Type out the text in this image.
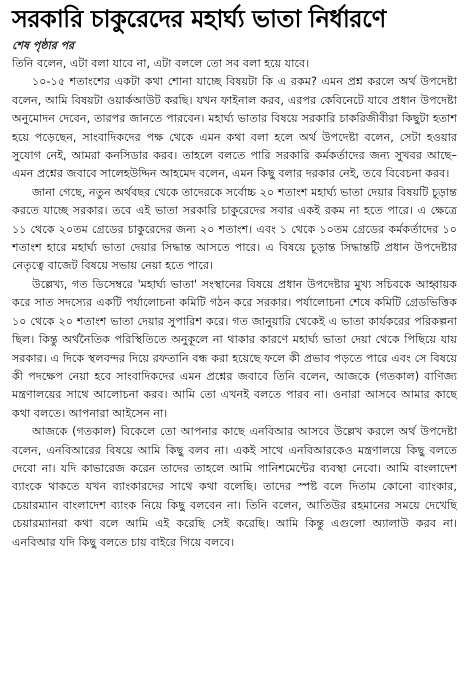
সরকারি চাকুরেদের মহার্ঘ্য ভাতা নির্ধারণে
শেষ পৃষ্ঠার পর

তিনি বলেন, এটা বলা যাবে না, এটা বললে তো সব বলা হয়ে যাবে।

১০-১৫ শতাংশের একটা কথা শোনা যাচ্ছে বিষয়টা কি এ রকম? এমন প্রশ্ন করলে অর্থ উপদেষ্টা বলেন, আমি বিষয়টা ওয়ার্কআউট করছি। যখন ফাইনাল করব, এরপর কেবিনেটে যাবে প্রধান উপদেষ্টা অনুমোদন দেবেন, তারপর জানতে পারবেন। মহার্ঘ্য ভাতার বিষয়ে সরকারি চাকরিজীবীরা কিছুটা হতাশ হয়ে পড়েছেন, সাংবাদিকদের পক্ষ থেকে এমন কথা বলা হলে অর্থ উপদেষ্টা বলেন, সেটা হওয়ার সুযোগ নেই, আমরা কনসিডার করব। তাহলে বলতে পারি সরকারি কর্মকর্তাদের জন্য সুখবর আছে– এমন প্রশ্নের জবাবে সালেহউদ্দিন আহমেদ বলেন, এমন কিছু বলার দরকার নেই, তবে বিবেচনা করব।

জানা গেছে, নতুন অর্থবছর থেকে তাদেরকে সর্বোচ্চ ২০ শতাংশ মহার্ঘ্য ভাতা দেয়ার বিষয়টি চূড়ান্ত করতে যাচ্ছে সরকার। তবে এই ভাতা সরকারি চাকুরেদের সবার একই রকম না হতে পারে। এ ক্ষেত্রে ১১ থেকে ২০তম গ্রেডের চাকুরেদের জন্য ২০ শতাংশ। এবং ১ থেকে ১০তম গ্রেডের কর্মকর্তাদের ১০ শতাংশ হারে মহার্ঘ্য ভাতা দেয়ার সিদ্ধান্ত আসতে পারে। এ বিষয়ে চূড়ান্ত সিদ্ধান্তটি প্রধান উপদেষ্টার নেতৃত্বে বাজেট বিষয়ে সভায় নেয়া হতে পারে।

উল্লেখ্য, গত ডিসেম্বরে 'মহার্ঘ্য ভাতা' সংস্থানের বিষয়ে প্রধান উপদেষ্টার মুখ্য সচিবকে আহ্বায়ক করে সাত সদস্যের একটি পর্যালোচনা কমিটি গঠন করে সরকার। পর্যালোচনা শেষে কমিটি গ্রেডভিত্তিক ১০ থেকে ২০ শতাংশ ভাতা দেয়ার সুপারিশ করে। গত জানুয়ারি থেকেই এ ভাতা কার্যকরের পরিকল্পনা ছিল। কিন্তু অর্থনৈতিক পরিস্থিতিতে অনুকূলে না থাকার কারণে মহার্ঘ্য ভাতা দেয়া থেকে পিছিয়ে যায় সরকার। এ দিকে স্থলবন্দর দিয়ে রফতানি বন্ধ করা হয়েছে ফলে কী প্রভাব পড়তে পারে এবং সে বিষয়ে কী পদক্ষেপ নেয়া হবে সাংবাদিকদের এমন প্রশ্নের জবাবে তিনি বলেন, আজকে (গতকাল) বাণিজ্য মন্ত্রণালয়ের সাথে আলোচনা করব। আমি তো এখনই বলতে পারব না। ওনারা আসবে আমার কাছে কথা বলতে। আপনারা আইসেন না।

আজকে (গতকাল) বিকেলে তো আপনার কাছে এনবিআর আসবে উল্লেখ করলে অর্থ উপদেষ্টা বলেন, এনবিআরের বিষয়ে আমি কিছু বলব না। একই সাথে এনবিআরকেও মন্ত্রণালয়ে কিছু বলতে দেবো না। যদি কাভারেজ করেন তাদের তাহলে আমি পানিশমেন্টের ব্যবস্থা নেবো। আমি বাংলাদেশ ব্যাংকে থাকতে যখন ব্যাংকারদের সাথে কথা বলেছি। তাদের স্পষ্ট বলে দিতাম কোনো ব্যাংকার, চেয়ারম্যান বাংলাদেশ ব্যাংক নিয়ে কিছু বলবেন না। তিনি বলেন, আতিউর রহমানের সময়ে দেখেছি চেয়ারম্যানরা কথা বলে আমি এই করেছি সেই করেছি। আমি কিন্তু এগুলো অ্যালাউ করব না। এনবিআর যদি কিছু বলতে চায় বাইরে গিয়ে বলবে।
